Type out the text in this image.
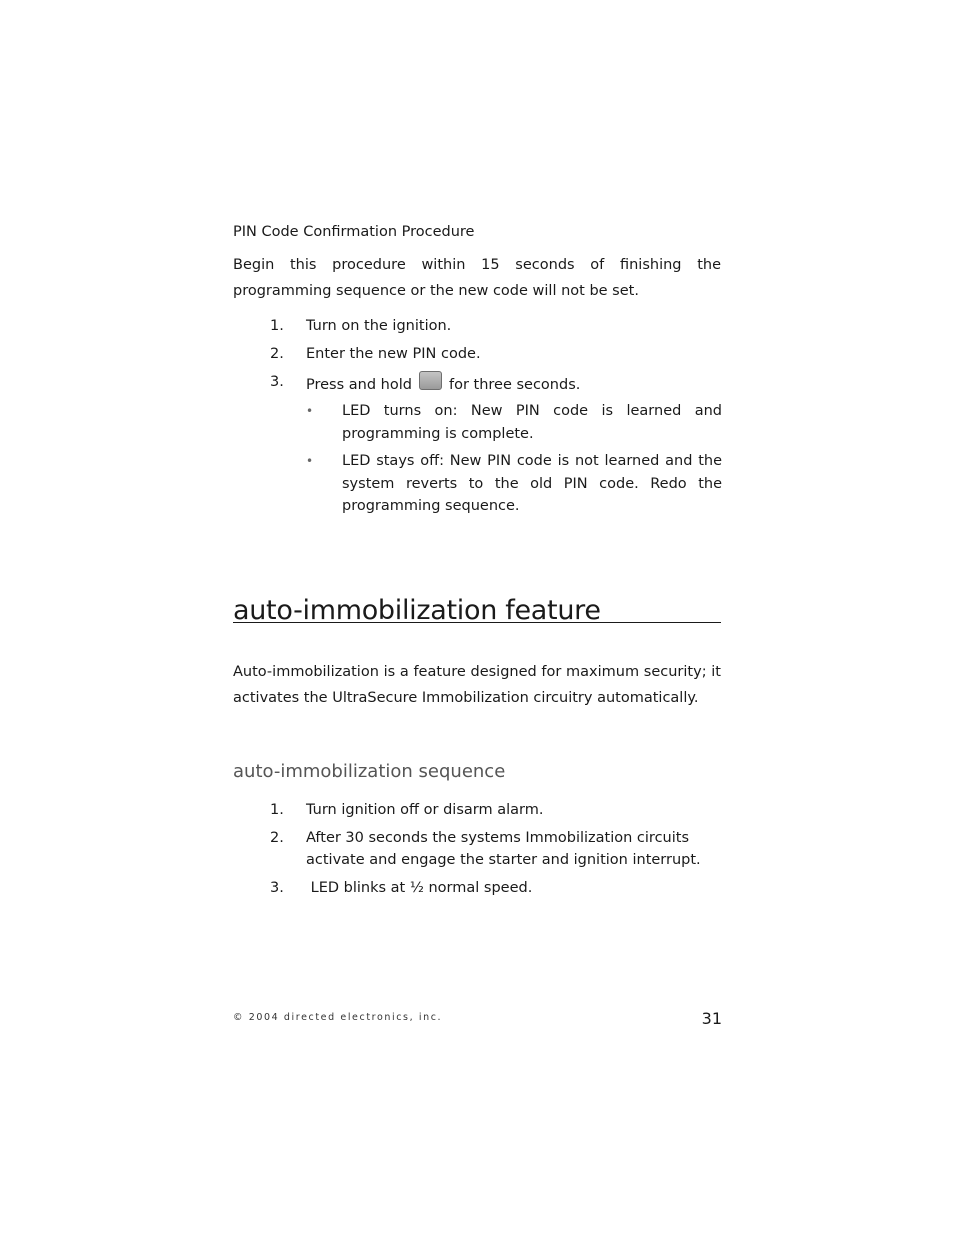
PIN Code Confirmation Procedure
Begin this procedure within 15 seconds of finishing the programming sequence or the new code will not be set.
1. Turn on the ignition.
2. Enter the new PIN code.
3. Press and hold	for three seconds.
• LED turns on: New PIN code is learned and programming is complete.
• LED stays off: New PIN code is not learned and the system reverts to the old PIN code. Redo the programming sequence.
auto-immobilization feature
Auto-immobilization is a feature designed for maximum security; it activates the UltraSecure Immobilization circuitry automatically.
auto-immobilization sequence
1. Turn ignition off or disarm alarm.
2. After 30 seconds the systems Immobilization circuits activate and engage the starter and ignition interrupt.
3. LED blinks at ½ normal speed.
© 2004 directed electronics, inc.	31
